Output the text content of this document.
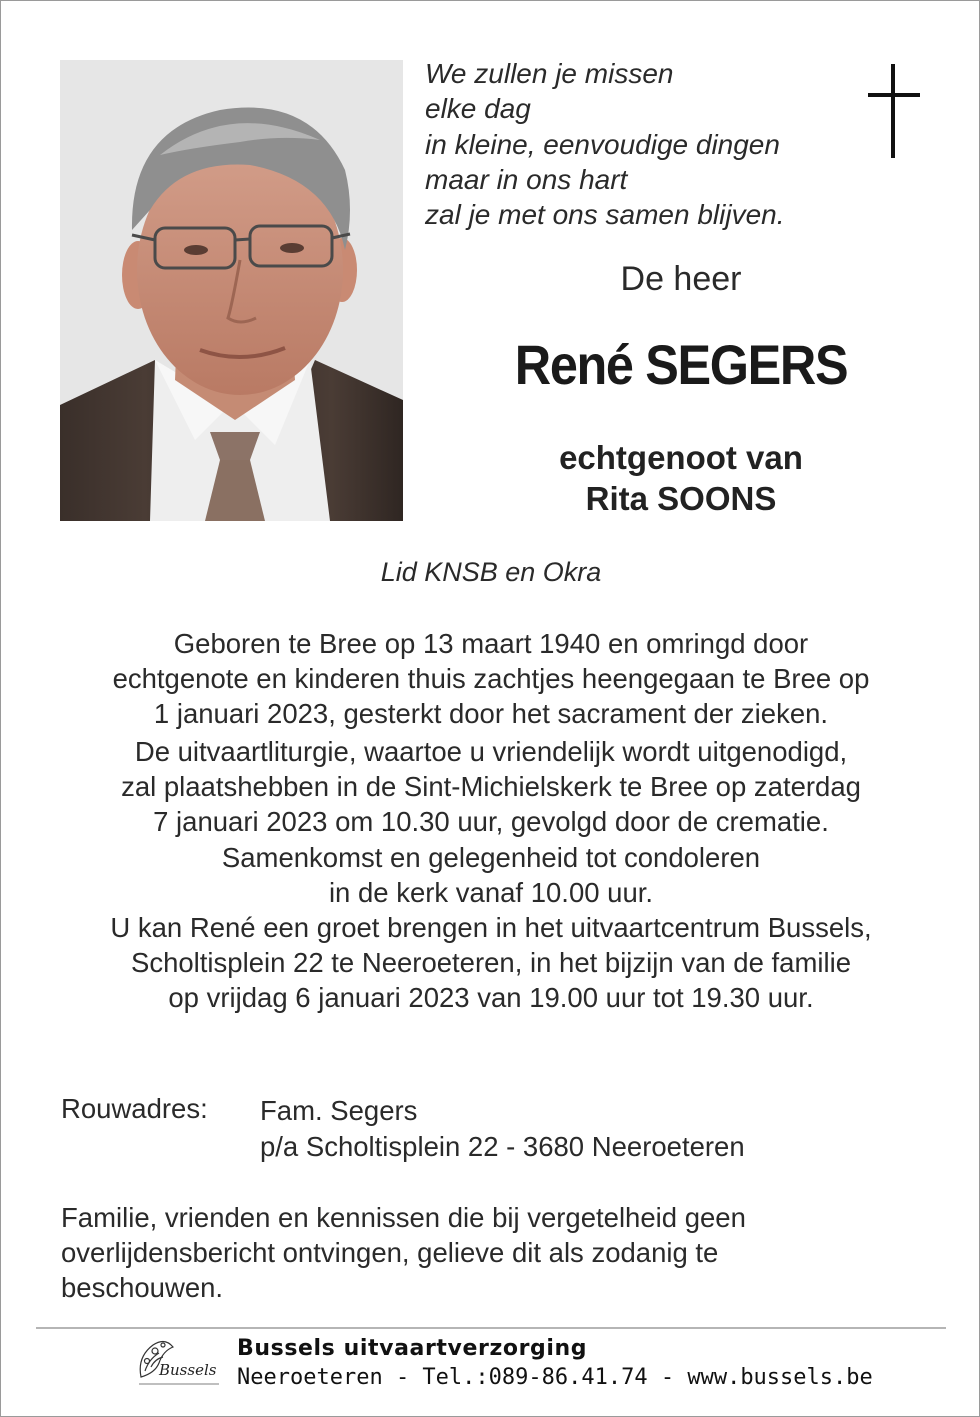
We zullen je missen
elke dag
in kleine, eenvoudige dingen
maar in ons hart
zal je met ons samen blijven.
De heer
René SEGERS
echtgenoot van
Rita SOONS
Lid KNSB en Okra
Geboren te Bree op 13 maart 1940 en omringd door
echtgenote en kinderen thuis zachtjes heengegaan te Bree op
1 januari 2023, gesterkt door het sacrament der zieken.
De uitvaartliturgie, waartoe u vriendelijk wordt uitgenodigd,
zal plaatshebben in de Sint-Michielskerk te Bree op zaterdag
7 januari 2023 om 10.30 uur, gevolgd door de crematie.
Samenkomst en gelegenheid tot condoleren
in de kerk vanaf 10.00 uur.
U kan René een groet brengen in het uitvaartcentrum Bussels,
Scholtisplein 22 te Neeroeteren, in het bijzijn van de familie
op vrijdag 6 januari 2023 van 19.00 uur tot 19.30 uur.
Rouwadres: Fam. Segers
p/a Scholtisplein 22 - 3680 Neeroeteren
Familie, vrienden en kennissen die bij vergetelheid geen
overlijdensbericht ontvingen, gelieve dit als zodanig te
beschouwen.
Bussels
Bussels uitvaartverzorging
Neeroeteren - Tel.:089-86.41.74 - www.bussels.be
